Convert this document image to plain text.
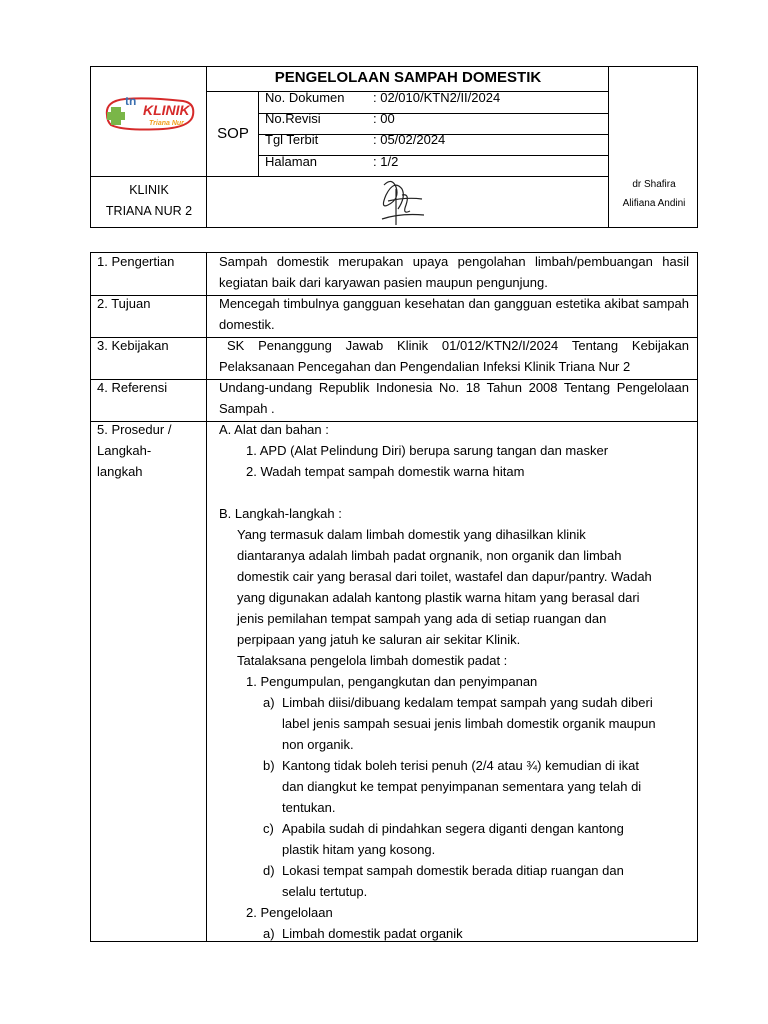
tn
KLINIK
Triana Nur
PENGELOLAAN SAMPAH DOMESTIK
SOP
No. Dokumen : 02/010/KTN2/II/2024
No.Revisi	: 00
Tgl Terbit	: 05/02/2024
Halaman	: 1/2
KLINIK
TRIANA NUR 2
dr Shafira
Alifiana Andini
1. Pengertian	Sampah domestik merupakan upaya pengolahan limbah/pembuangan hasil kegiatan baik dari karyawan pasien maupun pengunjung.
2. Tujuan	Mencegah timbulnya gangguan kesehatan dan gangguan estetika akibat sampah domestik.
3. Kebijakan	SK Penanggung Jawab Klinik 01/012/KTN2/I/2024 Tentang Kebijakan Pelaksanaan Pencegahan dan Pengendalian Infeksi Klinik Triana Nur 2
4. Referensi	Undang-undang Republik Indonesia No. 18 Tahun 2008 Tentang Pengelolaan Sampah .
5. Prosedur /
Langkah-
langkah
A. Alat dan bahan :
1. APD (Alat Pelindung Diri) berupa sarung tangan dan masker
2. Wadah tempat sampah domestik warna hitam
B. Langkah-langkah :
Yang termasuk dalam limbah domestik yang dihasilkan klinik
diantaranya adalah limbah padat orgnanik, non organik dan limbah
domestik cair yang berasal dari toilet, wastafel dan dapur/pantry. Wadah
yang digunakan adalah kantong plastik warna hitam yang berasal dari
jenis pemilahan tempat sampah yang ada di setiap ruangan dan
perpipaan yang jatuh ke saluran air sekitar Klinik.
Tatalaksana pengelola limbah domestik padat :
1. Pengumpulan, pengangkutan dan penyimpanan
a) Limbah diisi/dibuang kedalam tempat sampah yang sudah diberi
label jenis sampah sesuai jenis limbah domestik organik maupun
non organik.
b) Kantong tidak boleh terisi penuh (2/4 atau ¾) kemudian di ikat
dan diangkut ke tempat penyimpanan sementara yang telah di
tentukan.
c) Apabila sudah di pindahkan segera diganti dengan kantong
plastik hitam yang kosong.
d) Lokasi tempat sampah domestik berada ditiap ruangan dan
selalu tertutup.
2. Pengelolaan
a) Limbah domestik padat organik
